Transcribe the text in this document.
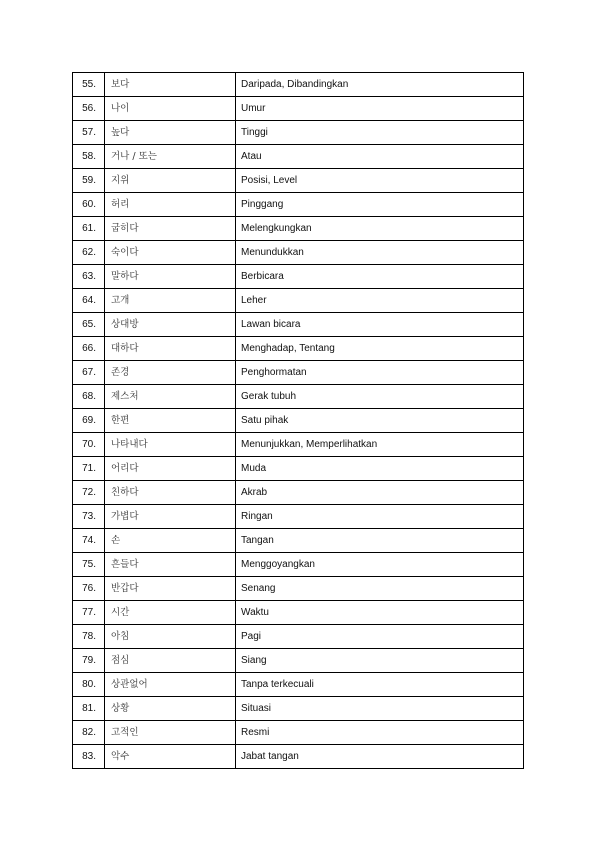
55.	보다	Daripada, Dibandingkan
56.	나이	Umur
57.	높다	Tinggi
58.	거나 / 또는	Atau
59.	지위	Posisi, Level
60.	허리	Pinggang
61.	굽히다	Melengkungkan
62.	숙이다	Menundukkan
63.	말하다	Berbicara
64.	고개	Leher
65.	상대방	Lawan bicara
66.	대하다	Menghadap, Tentang
67.	존경	Penghormatan
68.	제스처	Gerak tubuh
69.	한편	Satu pihak
70.	나타내다	Menunjukkan, Memperlihatkan
71.	어리다	Muda
72.	친하다	Akrab
73.	가볍다	Ringan
74.	손	Tangan
75.	흔들다	Menggoyangkan
76.	반갑다	Senang
77.	시간	Waktu
78.	아침	Pagi
79.	점심	Siang
80.	상관없어	Tanpa terkecuali
81.	상황	Situasi
82.	고적인	Resmi
83.	악수	Jabat tangan
